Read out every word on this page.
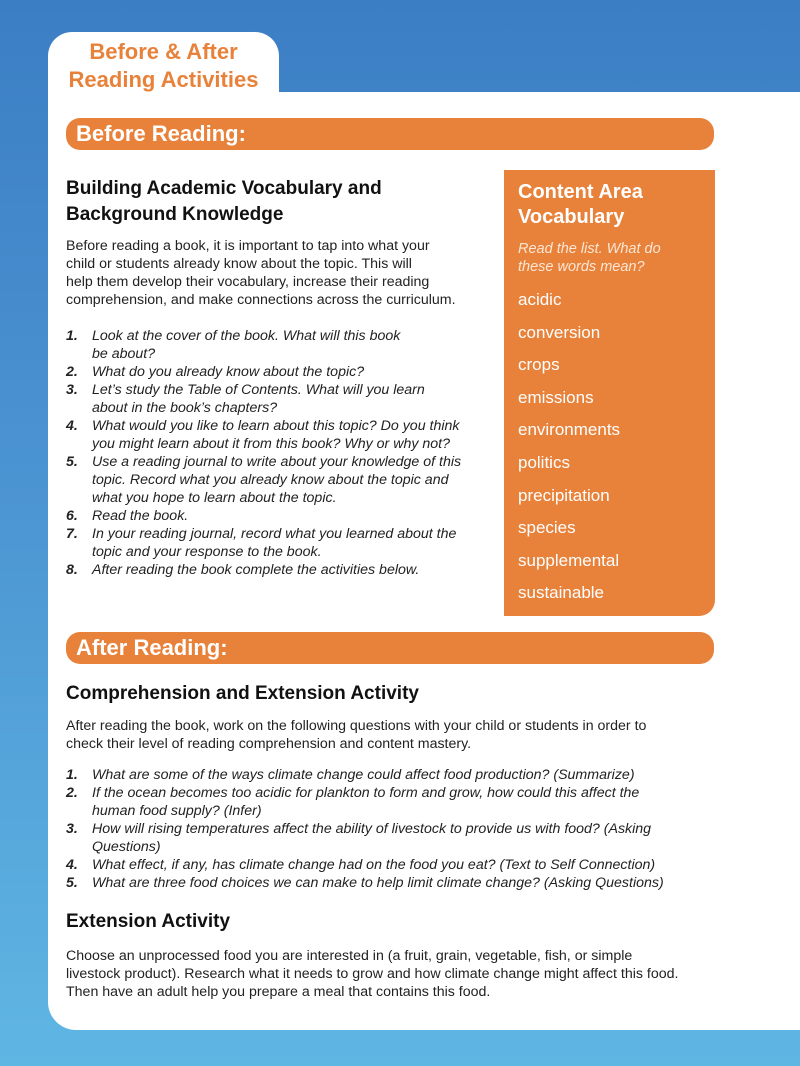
Before & After
Reading Activities
Before Reading:
Building Academic Vocabulary and
Background Knowledge
Before reading a book, it is important to tap into what your
child or students already know about the topic. This will
help them develop their vocabulary, increase their reading
comprehension, and make connections across the curriculum.
1. Look at the cover of the book. What will this book
be about?
2. What do you already know about the topic?
3. Let’s study the Table of Contents. What will you learn
about in the book’s chapters?
4. What would you like to learn about this topic? Do you think
you might learn about it from this book? Why or why not?
5. Use a reading journal to write about your knowledge of this
topic. Record what you already know about the topic and
what you hope to learn about the topic.
6. Read the book.
7. In your reading journal, record what you learned about the
topic and your response to the book.
8. After reading the book complete the activities below.
Content Area
Vocabulary
Read the list. What do
these words mean?
acidic
conversion
crops
emissions
environments
politics
precipitation
species
supplemental
sustainable
After Reading:
Comprehension and Extension Activity
After reading the book, work on the following questions with your child or students in order to
check their level of reading comprehension and content mastery.
1. What are some of the ways climate change could affect food production? (Summarize)
2. If the ocean becomes too acidic for plankton to form and grow, how could this affect the
human food supply? (Infer)
3. How will rising temperatures affect the ability of livestock to provide us with food? (Asking
Questions)
4. What effect, if any, has climate change had on the food you eat? (Text to Self Connection)
5. What are three food choices we can make to help limit climate change? (Asking Questions)
Extension Activity
Choose an unprocessed food you are interested in (a fruit, grain, vegetable, fish, or simple
livestock product). Research what it needs to grow and how climate change might affect this food.
Then have an adult help you prepare a meal that contains this food.
